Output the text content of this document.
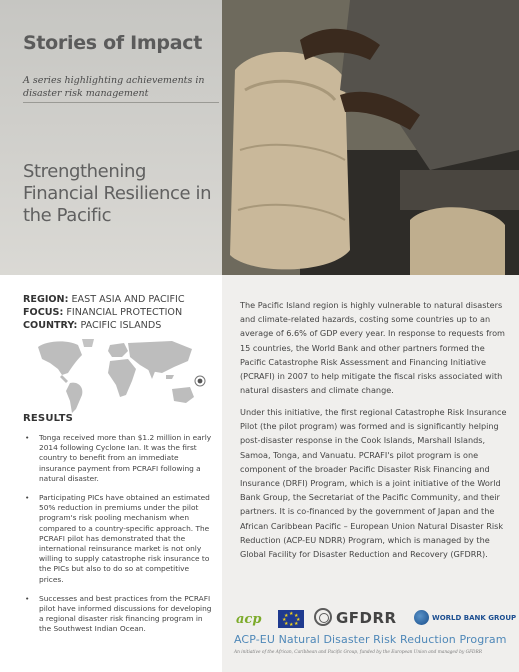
Stories of Impact
A series highlighting achievements in disaster risk management
Strengthening Financial Resilience in the Pacific
REGION: EAST ASIA AND PACIFIC
FOCUS: FINANCIAL PROTECTION
COUNTRY: PACIFIC ISLANDS
RESULTS
• Tonga received more than $1.2 million in early 2014 following Cyclone Ian. It was the first country to benefit from an immediate insurance payment from PCRAFI following a natural disaster.
• Participating PICs have obtained an estimated 50% reduction in premiums under the pilot program's risk pooling mechanism when compared to a country-specific approach. The PCRAFI pilot has demonstrated that the international reinsurance market is not only willing to supply catastrophe risk insurance to the PICs but also to do so at competitive prices.
• Successes and best practices from the PCRAFI pilot have informed discussions for developing a regional disaster risk financing program in the Southwest Indian Ocean.

The Pacific Island region is highly vulnerable to natural disasters and climate-related hazards, costing some countries up to an average of 6.6% of GDP every year. In response to requests from 15 countries, the World Bank and other partners formed the Pacific Catastrophe Risk Assessment and Financing Initiative (PCRAFI) in 2007 to help mitigate the fiscal risks associated with natural disasters and climate change.

Under this initiative, the first regional Catastrophe Risk Insurance Pilot (the pilot program) was formed and is significantly helping post-disaster response in the Cook Islands, Marshall Islands, Samoa, Tonga, and Vanuatu. PCRAFI's pilot program is one component of the broader Pacific Disaster Risk Financing and Insurance (DRFI) Program, which is a joint initiative of the World Bank Group, the Secretariat of the Pacific Community, and their partners. It is co-financed by the government of Japan and the African Caribbean Pacific – European Union Natural Disaster Risk Reduction (ACP-EU NDRR) Program, which is managed by the Global Facility for Disaster Reduction and Recovery (GFDRR).

acp	★
★ ★
★ ★
★ ★
★	GFDRR	WORLD BANK GROUP
ACP-EU Natural Disaster Risk Reduction Program
An initiative of the African, Caribbean and Pacific Group, funded by the European Union and managed by GFDRR
